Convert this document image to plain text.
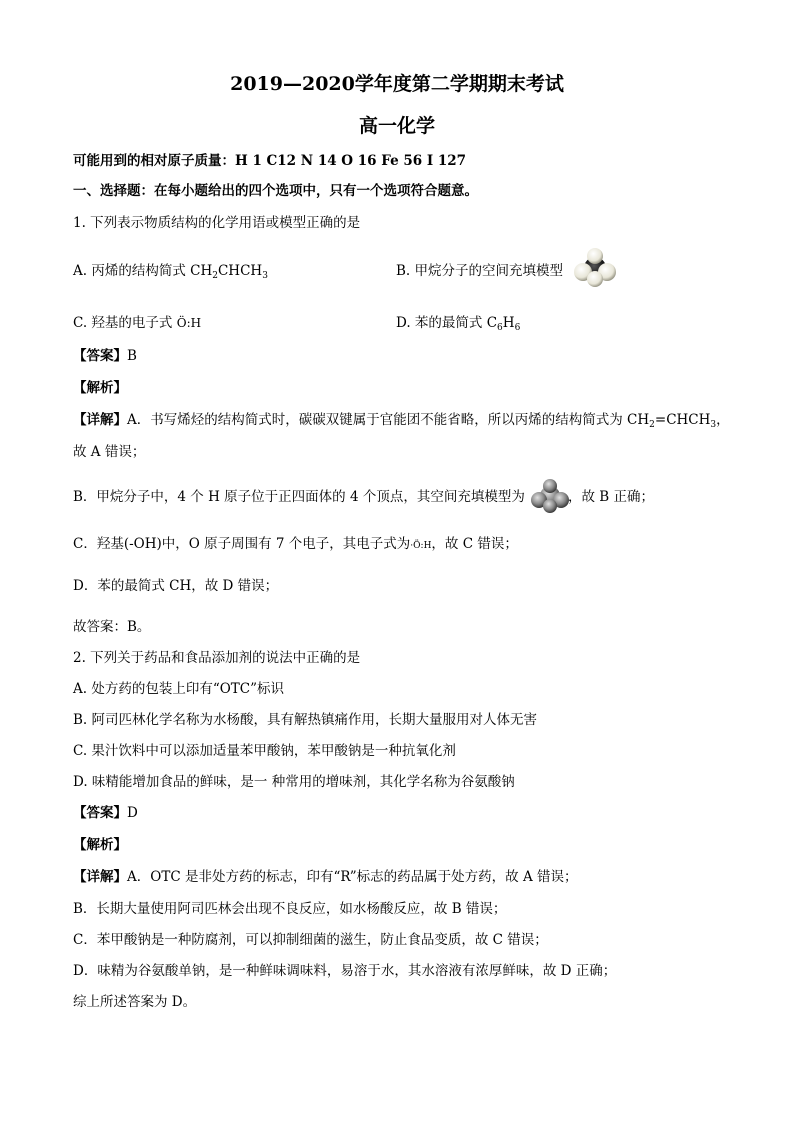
2019—2020学年度第二学期期末考试
高一化学
可能用到的相对原子质量：H 1 C12 N 14 O 16 Fe 56 I 127
一、选择题：在每小题给出的四个选项中，只有一个选项符合题意。
1. 下列表示物质结构的化学用语或模型正确的是
A. 丙烯的结构简式 $CH_2CHCH_3$	B. 甲烷分子的空间充填模型
C. 羟基的电子式 Ö:H	D. 苯的最简式 $C_6H_6$
【答案】B
【解析】
【详解】A．书写烯烃的结构简式时，碳碳双键属于官能团不能省略，所以丙烯的结构简式为 $CH_2=CHCH_3$，
故 A 错误；
B．甲烷分子中，4 个 H 原子位于正四面体的 4 个顶点，其空间充填模型为	，故 B 正确；
C．羟基(-OH)中，O 原子周围有 7 个电子，其电子式为·Ö:H，故 C 错误；
D．苯的最简式 CH，故 D 错误；
故答案：B。
2. 下列关于药品和食品添加剂的说法中正确的是
A. 处方药的包装上印有“OTC”标识
B. 阿司匹林化学名称为水杨酸，具有解热镇痛作用，长期大量服用对人体无害
C. 果汁饮料中可以添加适量苯甲酸钠，苯甲酸钠是一种抗氧化剂
D. 味精能增加食品的鲜味，是一 种常用的增味剂，其化学名称为谷氨酸钠
【答案】D
【解析】
【详解】A．OTC 是非处方药的标志，印有“R”标志的药品属于处方药，故 A 错误；
B．长期大量使用阿司匹林会出现不良反应，如水杨酸反应，故 B 错误；
C．苯甲酸钠是一种防腐剂，可以抑制细菌的滋生，防止食品变质，故 C 错误；
D．味精为谷氨酸单钠，是一种鲜味调味料，易溶于水，其水溶液有浓厚鲜味，故 D 正确；
综上所述答案为 D。
